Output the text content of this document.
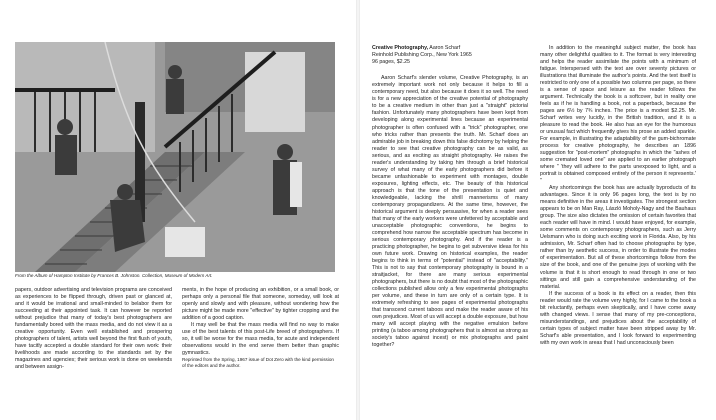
From the Album of Hampton Institute by Frances B. Johnston. Collection, Museum of Modern Art.

papers, outdoor advertising and television programs are conceived as experiences to be flipped through, driven past or glanced at, and it would be irrational and small-minded to belabor them for succeeding at their appointed task. It can however be reported without prejudice that many of today's best photographers are fundamentally bored with the mass media, and do not view it as a creative opportunity. Even well established and prospering photographers of talent, artists well beyond the first flush of youth, have tacitly accepted a double standard for their own work: their livelihoods are made according to the standards set by the magazines and agencies; their serious work is done on weekends and between assign-

ments, in the hope of producing an exhibition, or a small book, or perhaps only a personal file that someone, someday, will look at openly and slowly and with pleasure, without wondering how the picture might be made more "effective" by tighter cropping and the addition of a good caption.

It may well be that the mass media will find no way to make use of the best talents of this post-Life breed of photographers. If so, it will be worse for the mass media, for acute and independent observations would in the end serve them better than graphic gymnastics.

Reprinted from the Spring, 1967 issue of Dot Zero with the kind permission of the editors and the author.

Creative Photography, Aaron Scharf
Reinhold Publishing Corp., New York 1965
96 pages, $2.25

Aaron Scharf's slender volume, Creative Photography, is an extremely important work not only because it helps to fill a contemporary need, but also because it does it so well. The need is for a new appreciation of the creative potential of photography to be a creative medium in other than just a "straight" pictorial fashion. Unfortunately many photographers have been kept from developing along experimental lines because an experimental photographer is often confused with a "trick" photographer, one who tricks rather than presents the truth. Mr. Scharf does an admirable job in breaking down this false dichotomy by helping the reader to see that creative photography can be as valid, as serious, and as exciting as straight photography. He raises the reader's understanding by taking him through a brief historical survey of what many of the early photographers did before it became unfashionable to experiment with montages, double exposures, lighting effects, etc. The beauty of this historical approach is that the tone of the presentation is quiet and knowledgeable, lacking the shrill mannerisms of many contemporary propagandizers. At the same time, however, the historical argument is deeply persuasive, for when a reader sees that many of the early workers were unfettered by acceptable and unacceptable photographic conventions, he begins to comprehend how narrow the acceptable spectrum has become in serious contemporary photography. And if the reader is a practicing photographer, he begins to get subversive ideas for his own future work. Drawing on historical examples, the reader begins to think in terms of "potential" instead of "acceptability." This is not to say that contemporary photography is bound in a straitjacket, for there are many serious experimental photographers, but there is no doubt that most of the photographic collections published allow only a few experimental photographs per volume, and these in turn are only of a certain type. It is extremely refreshing to see pages of experimental photographs that transcend current taboos and make the reader aware of his own prejudices. Most of us will accept a double exposure, but how many will accept playing with the negative emulsion before printing (a taboo among photographers that is almost as strong as society's taboo against incest) or mix photographs and paint together?

In addition to the meaningful subject matter, the book has many other delightful qualities to it. The format is very interesting and helps the reader assimilate the points with a minimum of fatigue. Interspersed with the text are over seventy pictures or illustrations that illuminate the author's points. And the text itself is restricted to only one of a possible two columns per page, so there is a sense of space and leisure as the reader follows the argument. Technically the book is a softcover, but in reality one feels as if he is handling a book, not a paperback, because the pages are 6½ by 7¾ inches. The price is a modest $2.25. Mr. Scharf writes very lucidly, in the British tradition, and it is a pleasure to read the book. He also has an eye for the humorous or unusual fact which frequently gives his prose an added sparkle. For example, in illustrating the adaptability of the gum-bichromate process for creative photography, he describes an 1896 suggestion for "post-mortem" photographs in which the "ashes of some cremated loved one" are applied to an earlier photograph where " 'they will adhere to the parts unexposed to light, and a portrait is obtained composed entirely of the person it represents.' "

Any shortcomings the book has are actually byproducts of its advantages. Since it is only 96 pages long, the text is by no means definitive in the areas it investigates. The strongest section appears to be on Man Ray, László Moholy-Nagy and the Bauhaus group. The size also dictates the omission of certain favorites that each reader will have in mind. I would have enjoyed, for example, some comments on contemporary photographers, such as Jerry Uelsmann who is doing such exciting work in Florida. Also, by his admission, Mr. Scharf often had to choose photographs by type, rather than by aesthetic success, in order to illustrate the modes of experimentation. But all of these shortcomings follow from the size of the book, and one of the genuine joys of working with the volume is that it is short enough to read through in one or two sittings and still gain a comprehensive understanding of the material.

If the success of a book is its effect on a reader, then this reader would rate the volume very highly, for I came to the book a bit reluctantly, perhaps even skeptically, and I have come away with changed views. I sense that many of my pre-conceptions, misunderstandings, and prejudices about the acceptability of certain types of subject matter have been stripped away by Mr. Scharf's able presentation, and I look forward to experimenting with my own work in areas that I had unconsciously been
